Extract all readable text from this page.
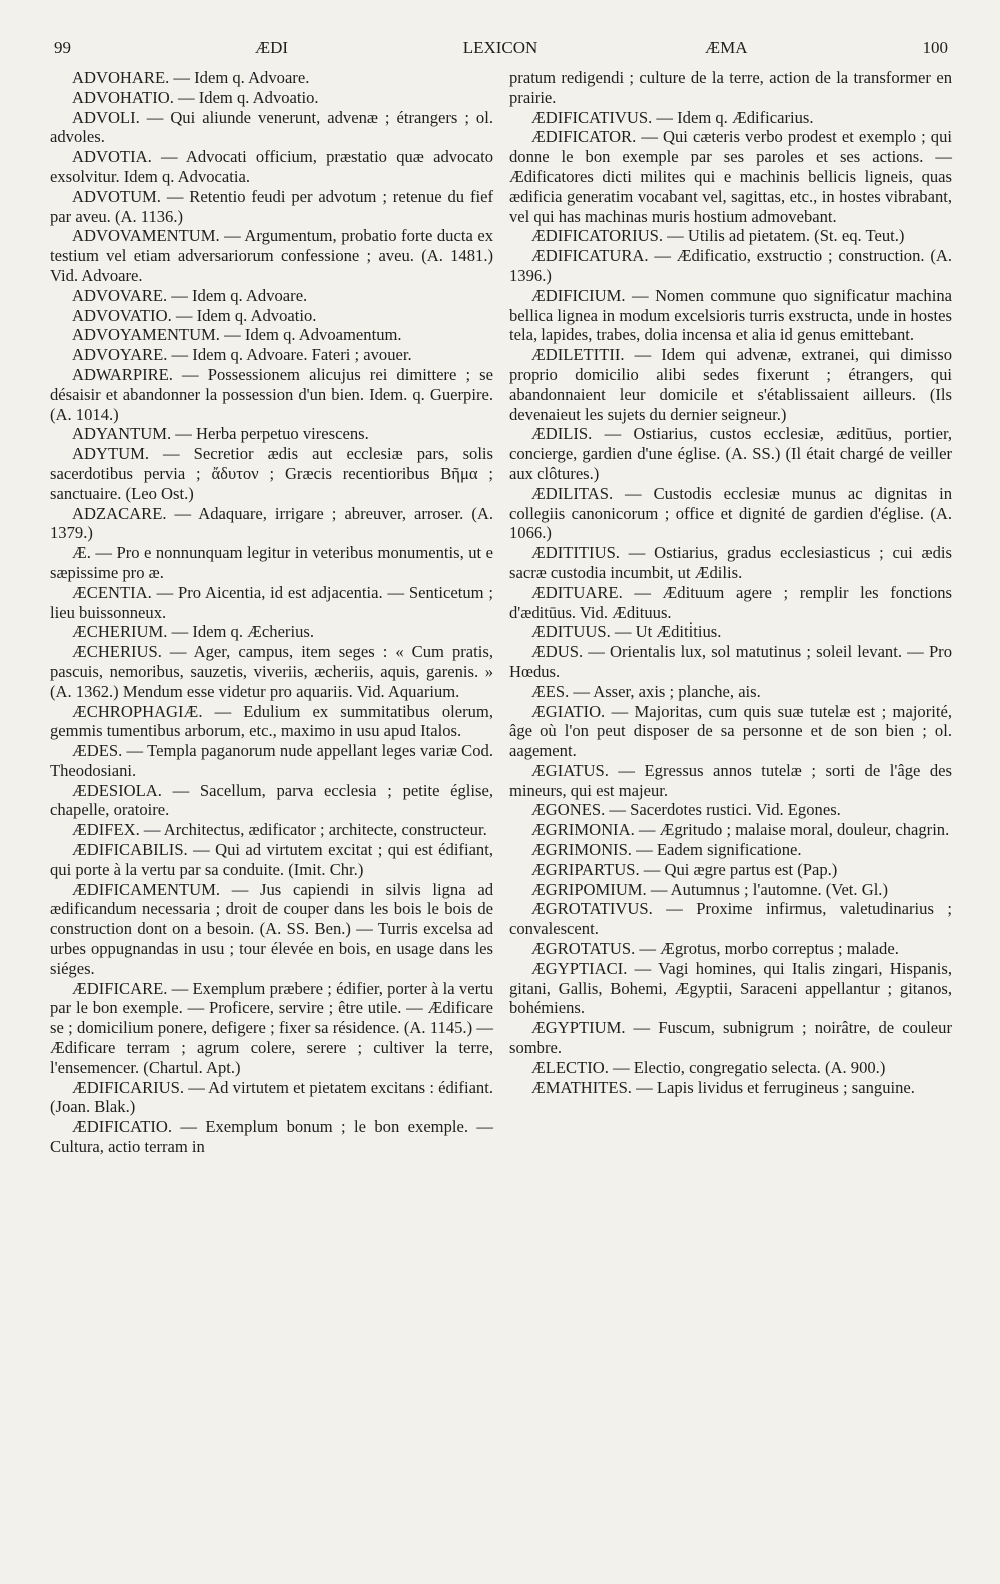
99	ÆDI	LEXICON	ÆMA	100

ADVOHARE. — Idem q. Advoare.

ADVOHATIO. — Idem q. Advoatio.

ADVOLI. — Qui aliunde venerunt, advenæ ; étrangers ; ol. advoles.

ADVOTIA. — Advocati officium, præstatio quæ advocato exsolvitur. Idem q. Advocatia.

ADVOTUM. — Retentio feudi per advotum ; retenue du fief par aveu. (A. 1136.)

ADVOVAMENTUM. — Argumentum, probatio forte ducta ex testium vel etiam adversariorum confessione ; aveu. (A. 1481.) Vid. Advoare.

ADVOVARE. — Idem q. Advoare.

ADVOVATIO. — Idem q. Advoatio.

ADVOYAMENTUM. — Idem q. Advoamentum.

ADVOYARE. — Idem q. Advoare. Fateri ; avouer.

ADWARPIRE. — Possessionem alicujus rei dimittere ; se désaisir et abandonner la possession d'un bien. Idem. q. Guerpire. (A. 1014.)

ADYANTUM. — Herba perpetuo virescens.

ADYTUM. — Secretior ædis aut ecclesiæ pars, solis sacerdotibus pervia ; ἄδυτον ; Græcis recentioribus Βῆμα ; sanctuaire. (Leo Ost.)

ADZACARE. — Adaquare, irrigare ; abreuver, arroser. (A. 1379.)

Æ. — Pro e nonnunquam legitur in veteribus monumentis, ut e sæpissime pro æ.

ÆCENTIA. — Pro Aicentia, id est adjacentia. — Senticetum ; lieu buissonneux.

ÆCHERIUM. — Idem q. Æcherius.

ÆCHERIUS. — Ager, campus, item seges : « Cum pratis, pascuis, nemoribus, sauzetis, viveriis, æcheriis, aquis, garenis. » (A. 1362.) Mendum esse videtur pro aquariis. Vid. Aquarium.

ÆCHROPHAGIÆ. — Edulium ex summitatibus olerum, gemmis tumentibus arborum, etc., maximo in usu apud Italos.

ÆDES. — Templa paganorum nude appellant leges variæ Cod. Theodosiani.

ÆDESIOLA. — Sacellum, parva ecclesia ; petite église, chapelle, oratoire.

ÆDIFEX. — Architectus, ædificator ; architecte, constructeur.

ÆDIFICABILIS. — Qui ad virtutem excitat ; qui est édifiant, qui porte à la vertu par sa conduite. (Imit. Chr.)

ÆDIFICAMENTUM. — Jus capiendi in silvis ligna ad ædificandum necessaria ; droit de couper dans les bois le bois de construction dont on a besoin. (A. SS. Ben.) — Turris excelsa ad urbes oppugnandas in usu ; tour élevée en bois, en usage dans les siéges.

ÆDIFICARE. — Exemplum præbere ; édifier, porter à la vertu par le bon exemple. — Proficere, servire ; être utile. — Ædificare se ; domicilium ponere, defigere ; fixer sa résidence. (A. 1145.) — Ædificare terram ; agrum colere, serere ; cultiver la terre, l'ensemencer. (Chartul. Apt.)

ÆDIFICARIUS. — Ad virtutem et pietatem excitans : édifiant. (Joan. Blak.)

ÆDIFICATIO. — Exemplum bonum ; le bon exemple. — Cultura, actio terram in

pratum redigendi ; culture de la terre, action de la transformer en prairie.

ÆDIFICATIVUS. — Idem q. Ædificarius.

ÆDIFICATOR. — Qui cæteris verbo prodest et exemplo ; qui donne le bon exemple par ses paroles et ses actions. — Ædificatores dicti milites qui e machinis bellicis ligneis, quas ædificia generatim vocabant vel, sagittas, etc., in hostes vibrabant, vel qui has machinas muris hostium admovebant.

ÆDIFICATORIUS. — Utilis ad pietatem. (St. eq. Teut.)

ÆDIFICATURA. — Ædificatio, exstructio ; construction. (A. 1396.)

ÆDIFICIUM. — Nomen commune quo significatur machina bellica lignea in modum excelsioris turris exstructa, unde in hostes tela, lapides, trabes, dolia incensa et alia id genus emittebant.

ÆDILETITII. — Idem qui advenæ, extranei, qui dimisso proprio domicilio alibi sedes fixerunt ; étrangers, qui abandonnaient leur domicile et s'établissaient ailleurs. (Ils devenaieut les sujets du dernier seigneur.)

ÆDILIS. — Ostiarius, custos ecclesiæ, æditūus, portier, concierge, gardien d'une église. (A. SS.) (Il était chargé de veiller aux clôtures.)

ÆDILITAS. — Custodis ecclesiæ munus ac dignitas in collegiis canonicorum ; office et dignité de gardien d'église. (A. 1066.)

ÆDITITIUS. — Ostiarius, gradus ecclesiasticus ; cui ædis sacræ custodia incumbit, ut Ædilis.

ÆDITUARE. — Ædituum agere ; remplir les fonctions d'æditūus. Vid. Ædituus.

ÆDITUUS. — Ut Æditi̇tius.

ÆDUS. — Orientalis lux, sol matutinus ; soleil levant. — Pro Hœdus.

ÆES. — Asser, axis ; planche, ais.

ÆGIATIO. — Majoritas, cum quis suæ tutelæ est ; majorité, âge où l'on peut disposer de sa personne et de son bien ; ol. aagement.

ÆGIATUS. — Egressus annos tutelæ ; sorti de l'âge des mineurs, qui est majeur.

ÆGONES. — Sacerdotes rustici. Vid. Egones.

ÆGRIMONIA. — Ægritudo ; malaise moral, douleur, chagrin.

ÆGRIMONIS. — Eadem significatione.

ÆGRIPARTUS. — Qui ægre partus est (Pap.)

ÆGRIPOMIUM. — Autumnus ; l'automne. (Vet. Gl.)

ÆGROTATIVUS. — Proxime infirmus, valetudinarius ; convalescent.

ÆGROTATUS. — Ægrotus, morbo correptus ; malade.

ÆGYPTIACI. — Vagi homines, qui Italis zingari, Hispanis, gitani, Gallis, Bohemi, Ægyptii, Saraceni appellantur ; gitanos, bohémiens.

ÆGYPTIUM. — Fuscum, subnigrum ; noirâtre, de couleur sombre.

ÆLECTIO. — Electio, congregatio selecta. (A. 900.)

ÆMATHITES. — Lapis lividus et ferrugineus ; sanguine.
